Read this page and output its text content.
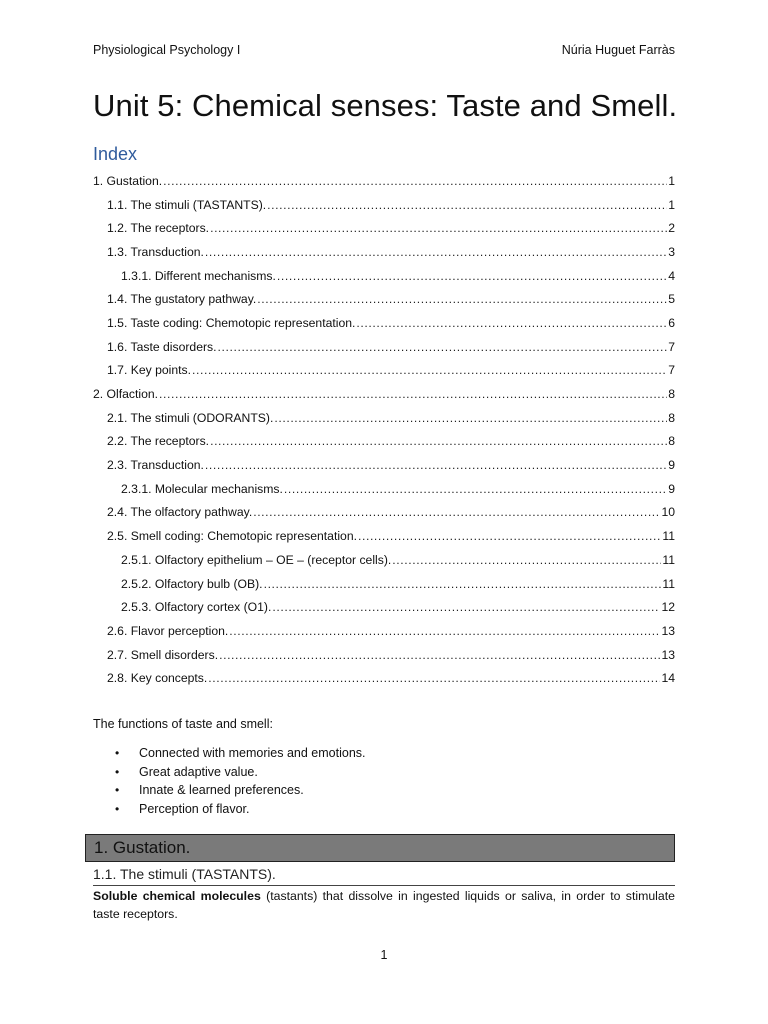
Physiological Psychology I	Núria Huguet Farràs
Unit 5: Chemical senses: Taste and Smell.
Index
1. Gustation. .....	1
1.1. The stimuli (TASTANTS). .....	1
1.2. The receptors. .....	2
1.3. Transduction. .....	3
1.3.1. Different mechanisms. .....	4
1.4. The gustatory pathway. .....	5
1.5. Taste coding: Chemotopic representation. .....	6
1.6. Taste disorders. .....	7
1.7. Key points. .....	7
2. Olfaction. .....	8
2.1. The stimuli (ODORANTS). .....	8
2.2. The receptors. .....	8
2.3. Transduction. .....	9
2.3.1. Molecular mechanisms. .....	9
2.4. The olfactory pathway. .....	10
2.5. Smell coding: Chemotopic representation. .....	11
2.5.1. Olfactory epithelium – OE – (receptor cells). .....	11
2.5.2. Olfactory bulb (OB). .....	11
2.5.3. Olfactory cortex (O1). .....	12
2.6. Flavor perception. .....	13
2.7. Smell disorders. .....	13
2.8. Key concepts. .....	14
The functions of taste and smell:
•	Connected with memories and emotions.
•	Great adaptive value.
•	Innate & learned preferences.
•	Perception of flavor.
1. Gustation.
1.1. The stimuli (TASTANTS).
Soluble chemical molecules (tastants) that dissolve in ingested liquids or saliva, in order to stimulate taste receptors.
1
